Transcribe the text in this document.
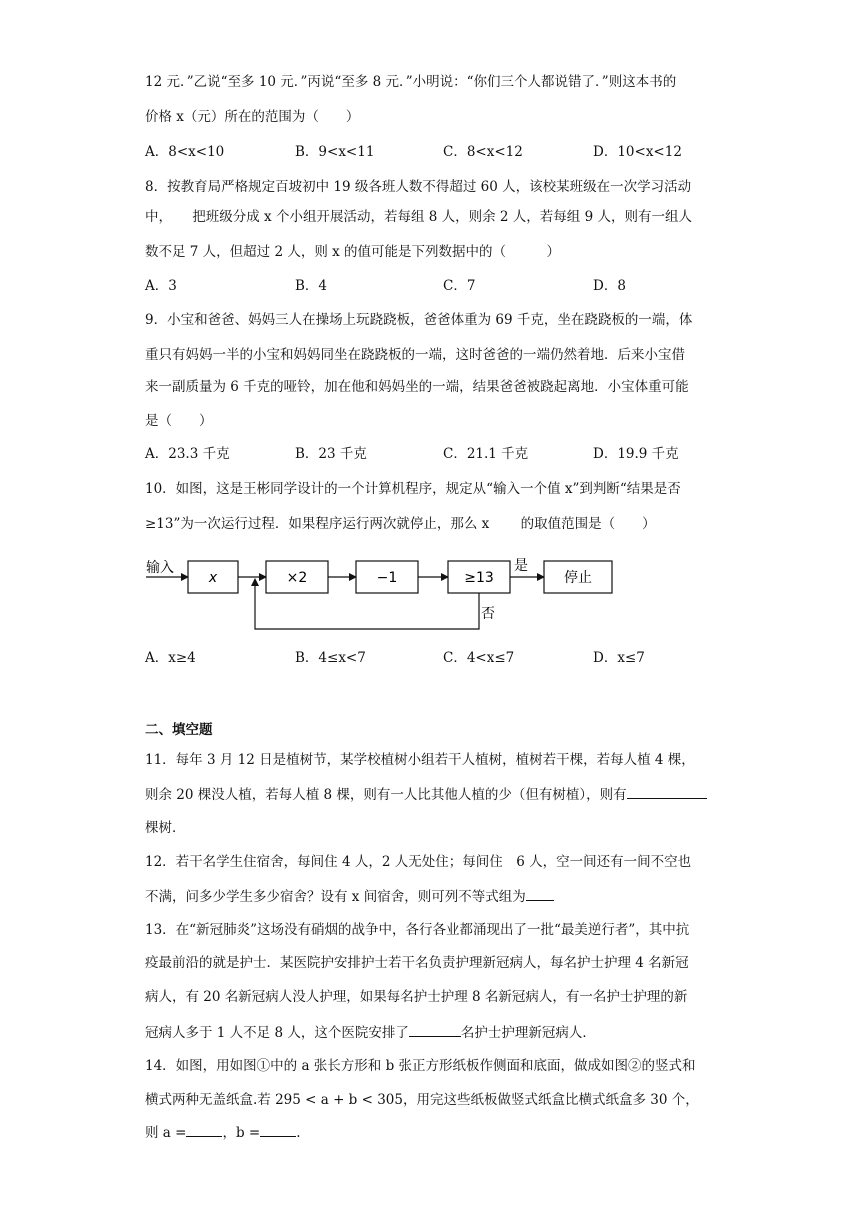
12 元．”乙说“至多 10 元．”丙说“至多 8 元．”小明说：“你们三个人都说错了．”则这本书的
价格 x（元）所在的范围为（　　）
A．8<x<10	B．9<x<11	C．8<x<12	D．10<x<12
8．按教育局严格规定百坡初中 19 级各班人数不得超过 60 人，该校某班级在一次学习活动
中，　　把班级分成 x 个小组开展活动，若每组 8 人，则余 2 人，若每组 9 人，则有一组人
数不足 7 人，但超过 2 人，则 x 的值可能是下列数据中的（　　　）
A．3	B．4	C．7	D．8
9．小宝和爸爸、妈妈三人在操场上玩跷跷板，爸爸体重为 69 千克，坐在跷跷板的一端，体
重只有妈妈一半的小宝和妈妈同坐在跷跷板的一端，这时爸爸的一端仍然着地．后来小宝借
来一副质量为 6 千克的哑铃，加在他和妈妈坐的一端，结果爸爸被跷起离地．小宝体重可能
是（　　）
A．23.3 千克	B．23 千克	C．21.1 千克	D．19.9 千克
10．如图，这是王彬同学设计的一个计算机程序，规定从“输入一个值 x”到判断“结果是否
≥13”为一次运行过程．如果程序运行两次就停止，那么 x　　 的取值范围是（　　）
输入
x	×2	−1	≥13
是
停止
否
A．x≥4	B．4≤x<7	C．4<x≤7	D．x≤7
二、填空题
11．每年 3 月 12 日是植树节，某学校植树小组若干人植树，植树若干棵，若每人植 4 棵，
则余 20 棵没人植，若每人植 8 棵，则有一人比其他人植的少（但有树植），则有
棵树．
12．若干名学生住宿舍，每间住 4 人，2 人无处住；每间住　6 人，空一间还有一间不空也
不满，问多少学生多少宿舍？设有 x 间宿舍，则可列不等式组为
13．在“新冠肺炎”这场没有硝烟的战争中，各行各业都涌现出了一批“最美逆行者”，其中抗
疫最前沿的就是护士．某医院护安排护士若干名负责护理新冠病人，每名护士护理 4 名新冠
病人，有 20 名新冠病人没人护理，如果每名护士护理 8 名新冠病人，有一名护士护理的新
冠病人多于 1 人不足 8 人，这个医院安排了	名护士护理新冠病人．
14．如图，用如图①中的 a 张长方形和 b 张正方形纸板作侧面和底面，做成如图②的竖式和
横式两种无盖纸盒.若 295 < a + b < 305，用完这些纸板做竖式纸盒比横式纸盒多 30 个，
则 a =	，b =	.
